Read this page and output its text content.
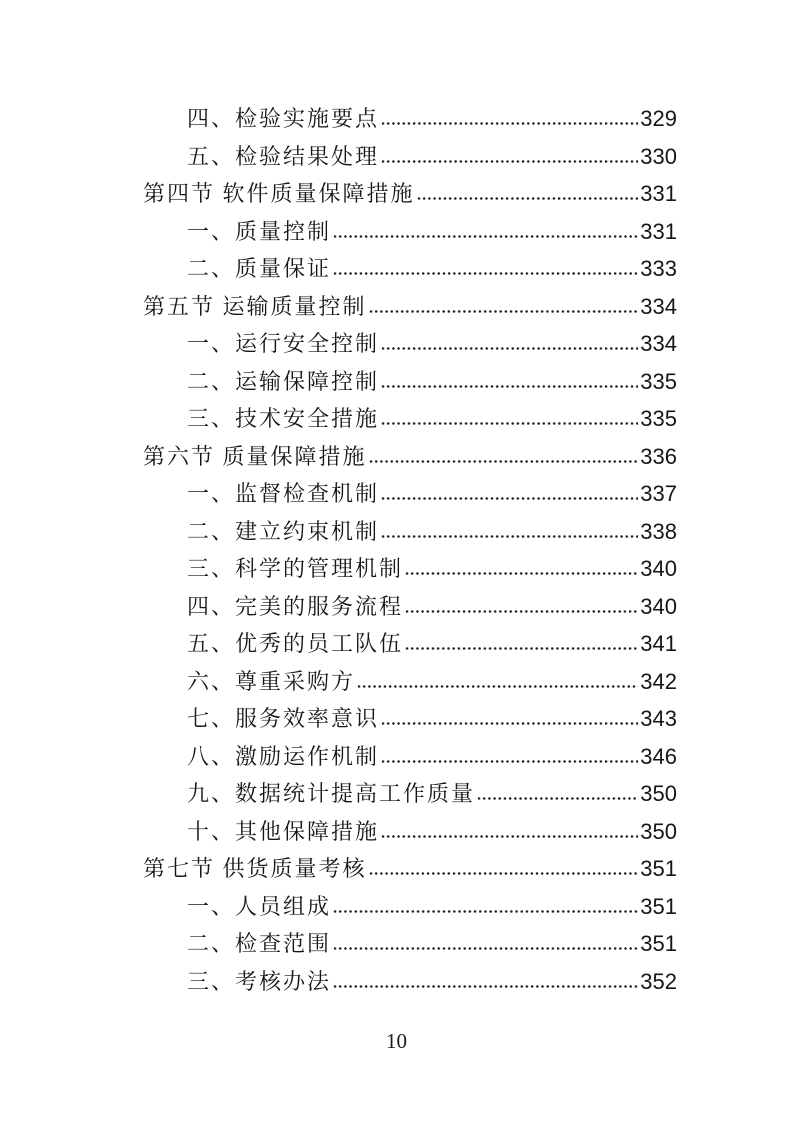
四、检验实施要点	329
五、检验结果处理	330
第四节 软件质量保障措施	331
一、质量控制	331
二、质量保证	333
第五节 运输质量控制	334
一、运行安全控制	334
二、运输保障控制	335
三、技术安全措施	335
第六节 质量保障措施	336
一、监督检查机制	337
二、建立约束机制	338
三、科学的管理机制	340
四、完美的服务流程	340
五、优秀的员工队伍	341
六、尊重采购方	342
七、服务效率意识	343
八、激励运作机制	346
九、数据统计提高工作质量	350
十、其他保障措施	350
第七节 供货质量考核	351
一、人员组成	351
二、检查范围	351
三、考核办法	352
10
